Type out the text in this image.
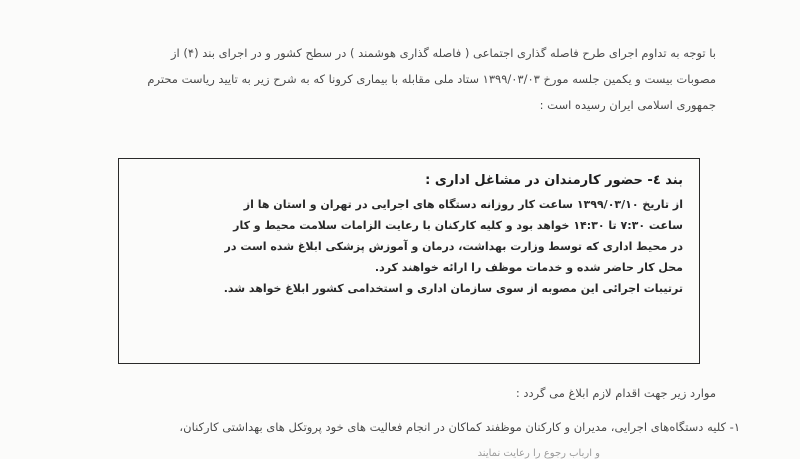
با توجه به تداوم اجرای طرح فاصله گذاری اجتماعی ( فاصله گذاری هوشمند ) در سطح کشور و در اجرای بند (۴) از
مصوبات بیست و یکمین جلسه مورخ ۱۳۹۹/۰۳/۰۳ ستاد ملی مقابله با بیماری کرونا که به شرح زیر به تایید ریاست محترم
جمهوری اسلامی ایران رسیده است :
بند ٤- حضور کارمندان در مشاغل اداری :
از تاریخ ۱۳۹۹/۰۳/۱۰ ساعت کار روزانه دستگاه های اجرایی در تهران و استان ها از
ساعت ۷:۳۰ تا ۱۴:۳۰ خواهد بود و کلیه کارکنان با رعایت الزامات سلامت محیط و کار
در محیط اداری که توسط وزارت بهداشت، درمان و آموزش پزشکی ابلاغ شده است در
محل کار حاضر شده و خدمات موظف را ارائه خواهند کرد.
ترتیبات اجرائی این مصوبه از سوی سازمان اداری و استخدامی کشور ابلاغ خواهد شد.
موارد زیر جهت اقدام لازم ابلاغ می گردد :
۱- کلیه دستگاه‌های اجرایی، مدیران و کارکنان موظفند کماکان در انجام فعالیت های خود پروتکل های بهداشتی کارکنان،
و ارباب رجوع را رعایت نمایند
